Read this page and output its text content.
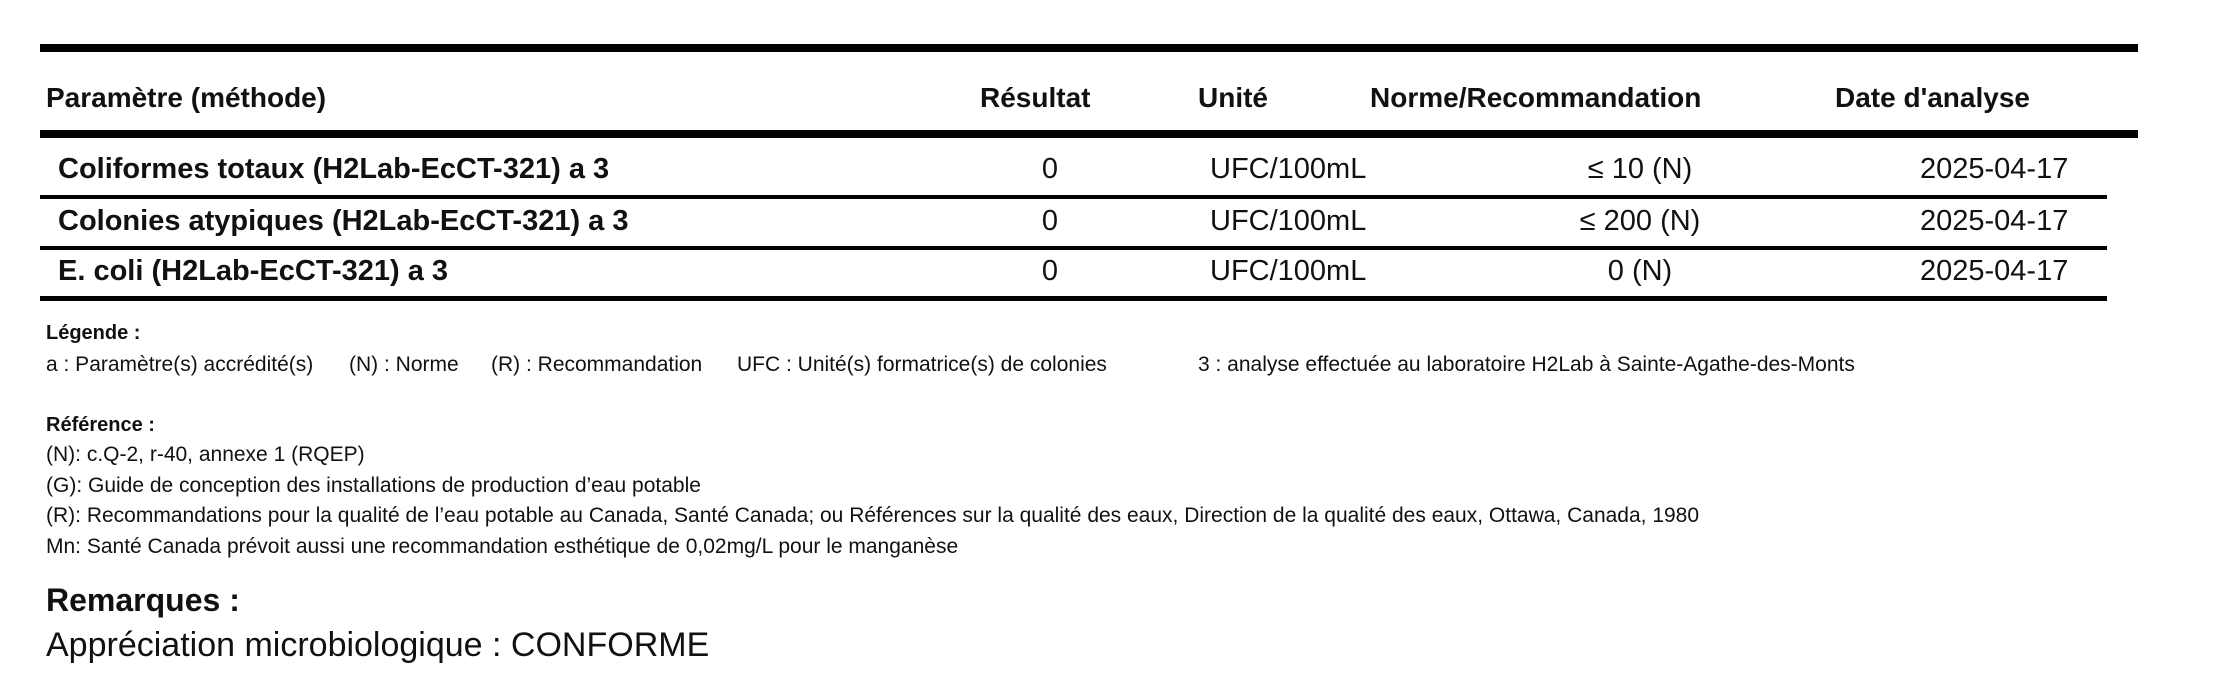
Paramètre (méthode)	Résultat	Unité	Norme/Recommandation	Date d'analyse
Coliformes totaux (H2Lab-EcCT-321) a 3	0	UFC/100mL	≤ 10 (N)	2025-04-17
Colonies atypiques (H2Lab-EcCT-321) a 3	0	UFC/100mL	≤ 200 (N)	2025-04-17
E. coli (H2Lab-EcCT-321) a 3	0	UFC/100mL	0 (N)	2025-04-17
Légende :
a : Paramètre(s) accrédité(s) (N) : Norme (R) : Recommandation UFC : Unité(s) formatrice(s) de colonies	3 : analyse effectuée au laboratoire H2Lab à Sainte-Agathe-des-Monts
Référence :
(N): c.Q-2, r-40, annexe 1 (RQEP)
(G): Guide de conception des installations de production d’eau potable
(R): Recommandations pour la qualité de l’eau potable au Canada, Santé Canada; ou Références sur la qualité des eaux, Direction de la qualité des eaux, Ottawa, Canada, 1980
Mn: Santé Canada prévoit aussi une recommandation esthétique de 0,02mg/L pour le manganèse
Remarques :
Appréciation microbiologique : CONFORME
